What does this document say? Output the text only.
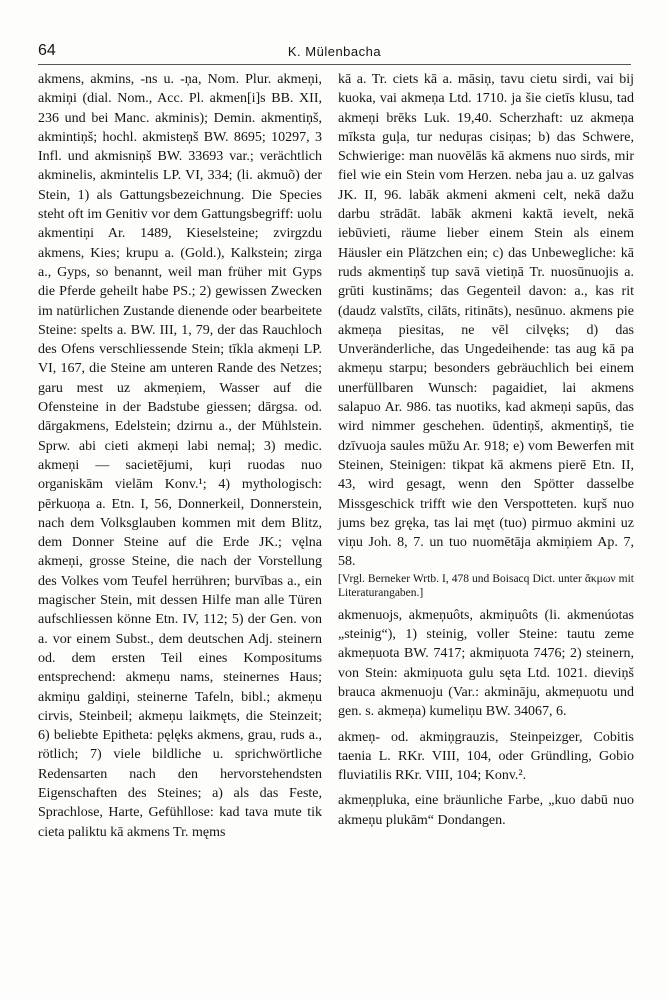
64	K. Mülenbacha

akmens, akmins, -ns u. -ņa, Nom. Plur. akmeņi, akmiņi (dial. Nom., Acc. Pl. akmen[i]s BB. XII, 236 und bei Manc. akminis); Demin. akmentiņš, akmintiņš; hochl. akmisteņš BW. 8695; 10297, 3 Infl. und akmisniņš BW. 33693 var.; verächtlich akminelis, akmintelis LP. VI, 334; (li. akmuõ) der Stein, 1) als Gattungsbezeichnung. Die Species steht oft im Genitiv vor dem Gattungsbegriff: uolu akmentiņi Ar. 1489, Kieselsteine; zvirgzdu akmens, Kies; krupu a. (Gold.), Kalkstein; zirga a., Gyps, so benannt, weil man früher mit Gyps die Pferde geheilt habe PS.; 2) gewissen Zwecken im natürlichen Zustande dienende oder bearbeitete Steine: spelts a. BW. III, 1, 79, der das Rauchloch des Ofens verschliessende Stein; tīkla akmeņi LP. VI, 167, die Steine am unteren Rande des Netzes; garu mest uz akmeņiem, Wasser auf die Ofensteine in der Badstube giessen; dārgsa. od. dārgakmens, Edelstein; dzirnu a., der Mühlstein. Sprw. abi cieti akmeņi labi nemaļ; 3) medic. akmeņi — sacietējumi, kuŗi ruodas nuo organiskām vielām Konv.¹; 4) mythologisch: pērkuoņa a. Etn. I, 56, Donnerkeil, Donnerstein, nach dem Volksglauben kommen mit dem Blitz, dem Donner Steine auf die Erde JK.; vęlna akmeņi, grosse Steine, die nach der Vorstellung des Volkes vom Teufel herrühren; burvības a., ein magischer Stein, mit dessen Hilfe man alle Türen aufschliessen könne Etn. IV, 112; 5) der Gen. von a. vor einem Subst., dem deutschen Adj. steinern od. dem ersten Teil eines Kompositums entsprechend: akmeņu nams, steinernes Haus; akmiņu galdiņi, steinerne Tafeln, bibl.; akmeņu cirvis, Steinbeil; akmeņu laikmęts, die Steinzeit; 6) beliebte Epitheta: pęlęks akmens, grau, ruds a., rötlich; 7) viele bildliche u. sprichwörtliche Redensarten nach den hervorstehendsten Eigenschaften des Steines; a) als das Feste, Sprachlose, Harte, Gefühllose: kad tava mute tik cieta paliktu kā akmens Tr. męms

kā a. Tr. ciets kā a. māsiņ, tavu cietu sirdi, vai bij kuoka, vai akmeņa Ltd. 1710. ja šie cietīs klusu, tad akmeņi brēks Luk. 19,40. Scherzhaft: uz akmeņa mīksta guļa, tur neduŗas cisiņas; b) das Schwere, Schwierige: man nuovēlās kā akmens nuo sirds, mir fiel wie ein Stein vom Herzen. neba jau a. uz galvas JK. II, 96. labāk akmeni akmeni celt, nekā dažu darbu strādāt. labāk akmeni kaktā ievelt, nekā iebūvieti, räume lieber einem Stein als einem Häusler ein Plätzchen ein; c) das Unbewegliche: kā ruds akmentiņš tup savā vietiņā Tr. nuosūnuojis a. grūti kustināms; das Gegenteil davon: a., kas rit (daudz valstīts, cilāts, ritināts), nesūnuo. akmens pie akmeņa piesitas, ne vēl cilvęks; d) das Unveränderliche, das Ungedeihende: tas aug kā pa akmeņu starpu; besonders gebräuchlich bei einem unerfüllbaren Wunsch: pagaidiet, lai akmens salapuo Ar. 986. tas nuotiks, kad akmeņi sapūs, das wird nimmer geschehen. ūdentiņš, akmentiņš, tie dzīvuoja saules mūžu Ar. 918; e) vom Bewerfen mit Steinen, Steinigen: tikpat kā akmens pierē Etn. II, 43, wird gesagt, wenn den Spötter dasselbe Missgeschick trifft wie den Verspotteten. kuŗš nuo jums bez gręka, tas lai męt (tuo) pirmuo akmini uz viņu Joh. 8, 7. un tuo nuomētāja akmiņiem Ap. 7, 58.
[Vrgl. Berneker Wrtb. I, 478 und Boisacq Dict. unter ἄκμων mit Literaturangaben.]

akmenuojs, akmeņuôts, akmiņuôts (li. akmenúotas „steinig“), 1) steinig, voller Steine: tautu zeme akmeņuota BW. 7417; akmiņuota 7476; 2) steinern, von Stein: akmiņuota gulu sęta Ltd. 1021. dieviņš brauca akmenuoju (Var.: akmināju, akmeņuotu und gen. s. akmeņa) kumeliņu BW. 34067, 6.

akmeņ- od. akmiņgrauzis, Steinpeizger, Cobitis taenia L. RKr. VIII, 104, oder Gründling, Gobio fluviatilis RKr. VIII, 104; Konv.².

akmeņpluka, eine bräunliche Farbe, „kuo dabū nuo akmeņu plukām“ Dondangen.
